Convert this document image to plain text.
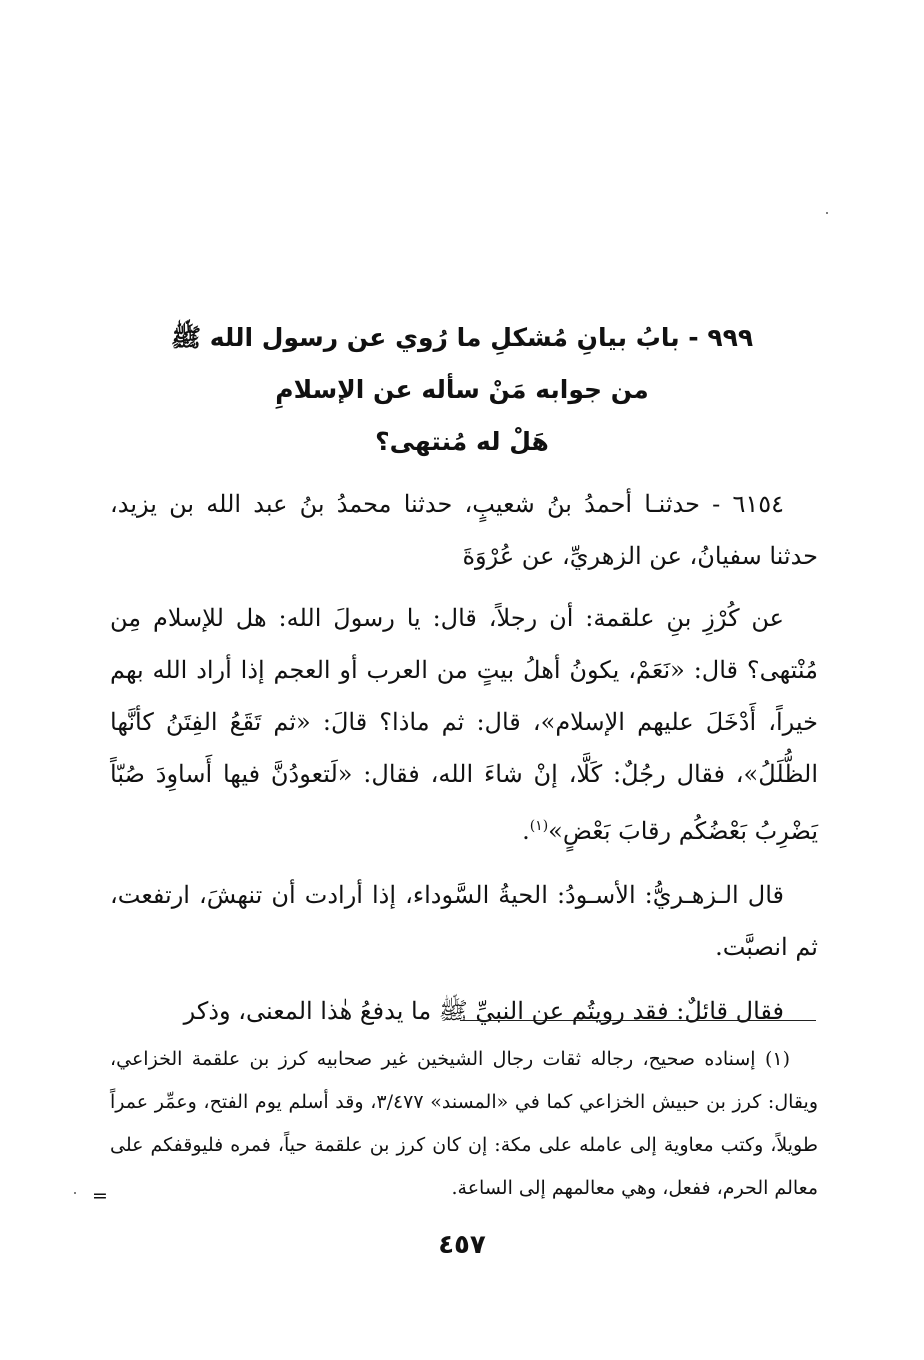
٩٩٩ - بابُ بيانِ مُشكلِ ما رُوي عن رسول الله ﷺ
من جوابه مَنْ سأله عن الإسلامِ
هَلْ له مُنتهى؟

٦١٥٤ - حدثنـا أحمدُ بنُ شعيبٍ، حدثنا محمدُ بنُ عبد الله بن يزيد، حدثنا سفيانُ، عن الزهريِّ، عن عُرْوَةَ

عن كُرْزِ بنِ علقمة: أن رجلاً، قال: يا رسولَ الله: هل للإسلام مِن مُنْتهى؟ قال: «نَعَمْ، يكونُ أهلُ بيتٍ من العرب أو العجم إذا أراد الله بهم خيراً، أَدْخَلَ عليهم الإسلام»، قال: ثم ماذا؟ قالَ: «ثم تَقَعُ الفِتَنُ كأنَّها الظُّلَلُ»، فقال رجُلٌ: كَلَّا، إنْ شاءَ الله، فقال: «لَتعودُنَّ فيها أَساوِدَ صُبّاً يَضْرِبُ بَعْضُكُم رقابَ بَعْضٍ»$^{(١)}$.

قال الـزهـريُّ: الأسـودُ: الحيةُ السَّوداء، إذا أرادت أن تنهشَ، ارتفعت، ثم انصبَّت.

فقال قائلٌ: فقد رويتُم عن النبيِّ ﷺ ما يدفعُ هٰذا المعنى، وذكر

(١) إسناده صحيح، رجاله ثقات رجال الشيخين غير صحابيه كرز بن علقمة الخزاعي، ويقال: كرز بن حبيش الخزاعي كما في «المسند» ٣/٤٧٧، وقد أسلم يوم الفتح، وعمِّر عمراً طويلاً، وكتب معاوية إلى عامله على مكة: إن كان كرز بن علقمة حياً، فمره فليوقفكم على معالم الحرم، ففعل، وهي معالمهم إلى الساعة.

=
٤٥٧
